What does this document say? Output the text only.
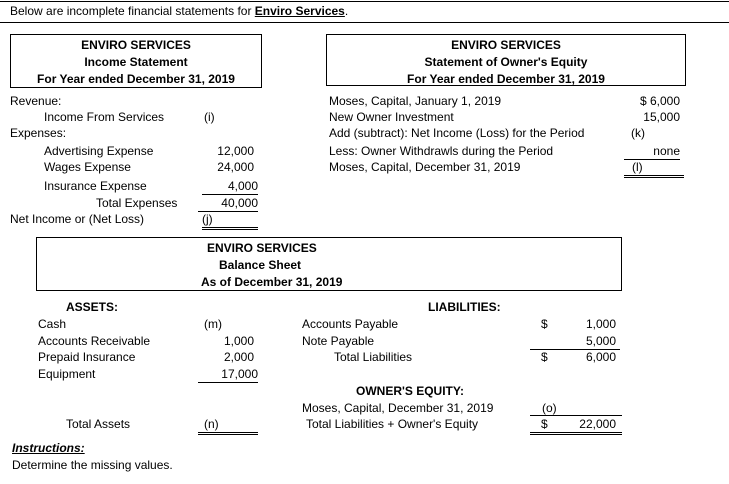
Below are incomplete financial statements for Enviro Services.
ENVIRO SERVICES
Income Statement
For Year ended December 31, 2019
Revenue:
Income From Services	(i)
Expenses:
Advertising Expense	12,000
Wages Expense	24,000
Insurance Expense	4,000
Total Expenses	40,000
Net Income or (Net Loss)	(j)
ENVIRO SERVICES
Statement of Owner's Equity
For Year ended December 31, 2019
Moses, Capital, January 1, 2019	$ 6,000
New Owner Investment	15,000
Add (subtract): Net Income (Loss) for the Period	(k)
Less: Owner Withdrawls during the Period	none
Moses, Capital, December 31, 2019	(l)
ENVIRO SERVICES
Balance Sheet
As of December 31, 2019
ASSETS:
Cash	(m)
Accounts Receivable	1,000
Prepaid Insurance	2,000
Equipment	17,000
Total Assets	(n)
LIABILITIES:
Accounts Payable	$	1,000
Note Payable	5,000
Total Liabilities	$	6,000
OWNER'S EQUITY:
Moses, Capital, December 31, 2019	(o)
Total Liabilities + Owner's Equity	$	22,000
Instructions:
Determine the missing values.
